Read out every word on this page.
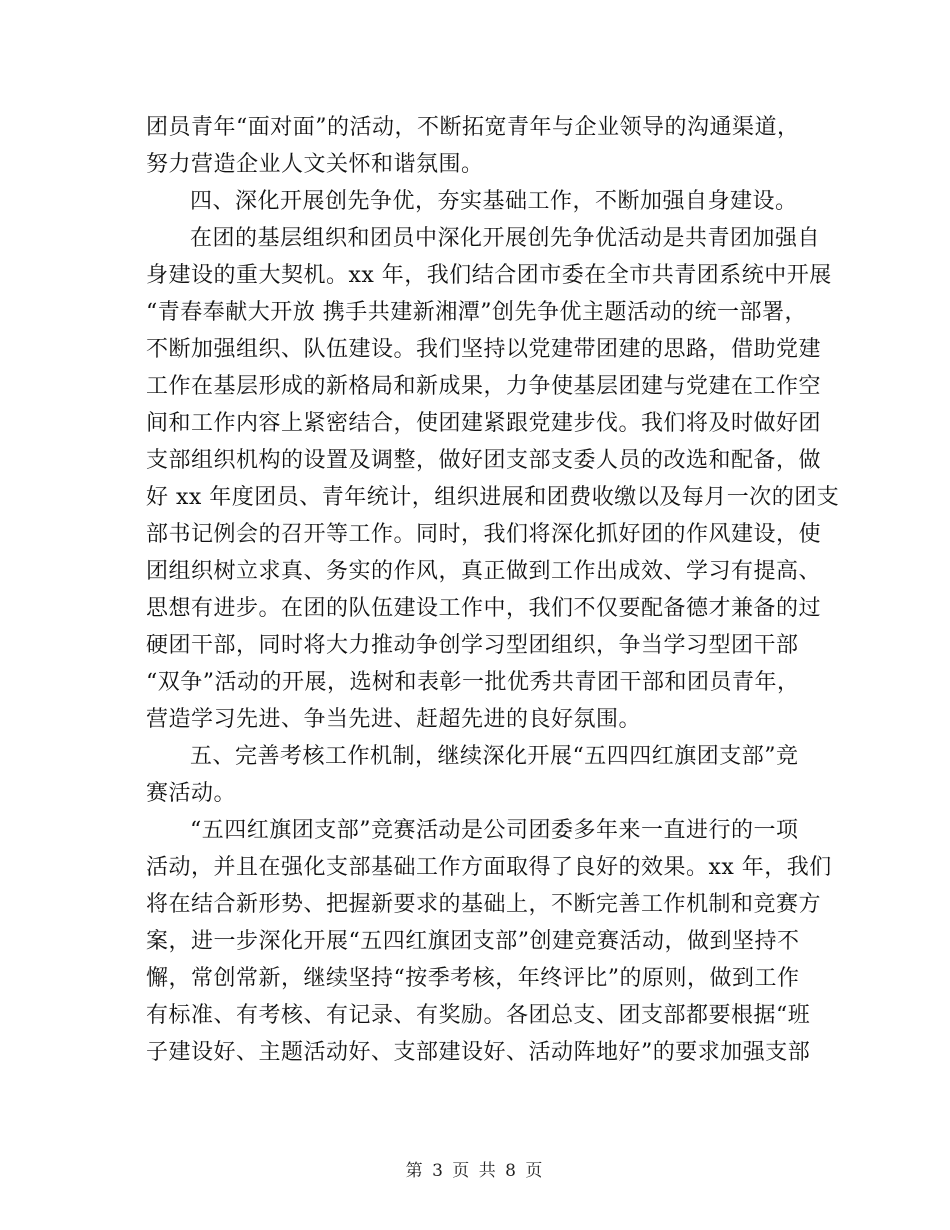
团员青年“面对面”的活动，不断拓宽青年与企业领导的沟通渠道，
努力营造企业人文关怀和谐氛围。
四、深化开展创先争优，夯实基础工作，不断加强自身建设。
在团的基层组织和团员中深化开展创先争优活动是共青团加强自
身建设的重大契机。xx 年，我们结合团市委在全市共青团系统中开展
“青春奉献大开放 携手共建新湘潭”创先争优主题活动的统一部署，
不断加强组织、队伍建设。我们坚持以党建带团建的思路，借助党建
工作在基层形成的新格局和新成果，力争使基层团建与党建在工作空
间和工作内容上紧密结合，使团建紧跟党建步伐。我们将及时做好团
支部组织机构的设置及调整，做好团支部支委人员的改选和配备，做
好 xx 年度团员、青年统计，组织进展和团费收缴以及每月一次的团支
部书记例会的召开等工作。同时，我们将深化抓好团的作风建设，使
团组织树立求真、务实的作风，真正做到工作出成效、学习有提高、
思想有进步。在团的队伍建设工作中，我们不仅要配备德才兼备的过
硬团干部，同时将大力推动争创学习型团组织，争当学习型团干部
“双争”活动的开展，选树和表彰一批优秀共青团干部和团员青年，
营造学习先进、争当先进、赶超先进的良好氛围。
五、完善考核工作机制，继续深化开展“五四四红旗团支部”竞
赛活动。
“五四红旗团支部”竞赛活动是公司团委多年来一直进行的一项
活动，并且在强化支部基础工作方面取得了良好的效果。xx 年，我们
将在结合新形势、把握新要求的基础上，不断完善工作机制和竞赛方
案，进一步深化开展“五四红旗团支部”创建竞赛活动，做到坚持不
懈，常创常新，继续坚持“按季考核，年终评比”的原则，做到工作
有标准、有考核、有记录、有奖励。各团总支、团支部都要根据“班
子建设好、主题活动好、支部建设好、活动阵地好”的要求加强支部
第 3 页 共 8 页
